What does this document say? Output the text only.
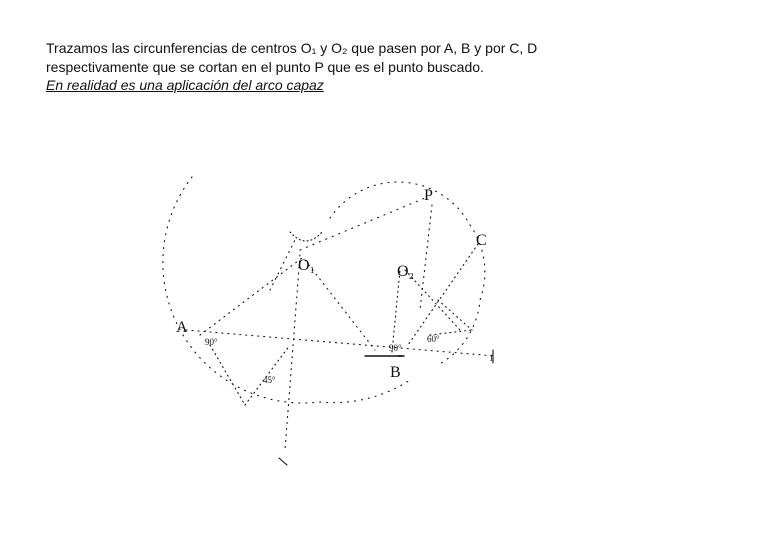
Trazamos las circunferencias de centros O₁ y O₂ que pasen por A, B y por C, D

respectivamente que se cortan en el punto P que es el punto buscado.

En realidad es una aplicación del arco capaz

P
C
O₁	O₂
A
B
1
90°
90°
60°
45°
